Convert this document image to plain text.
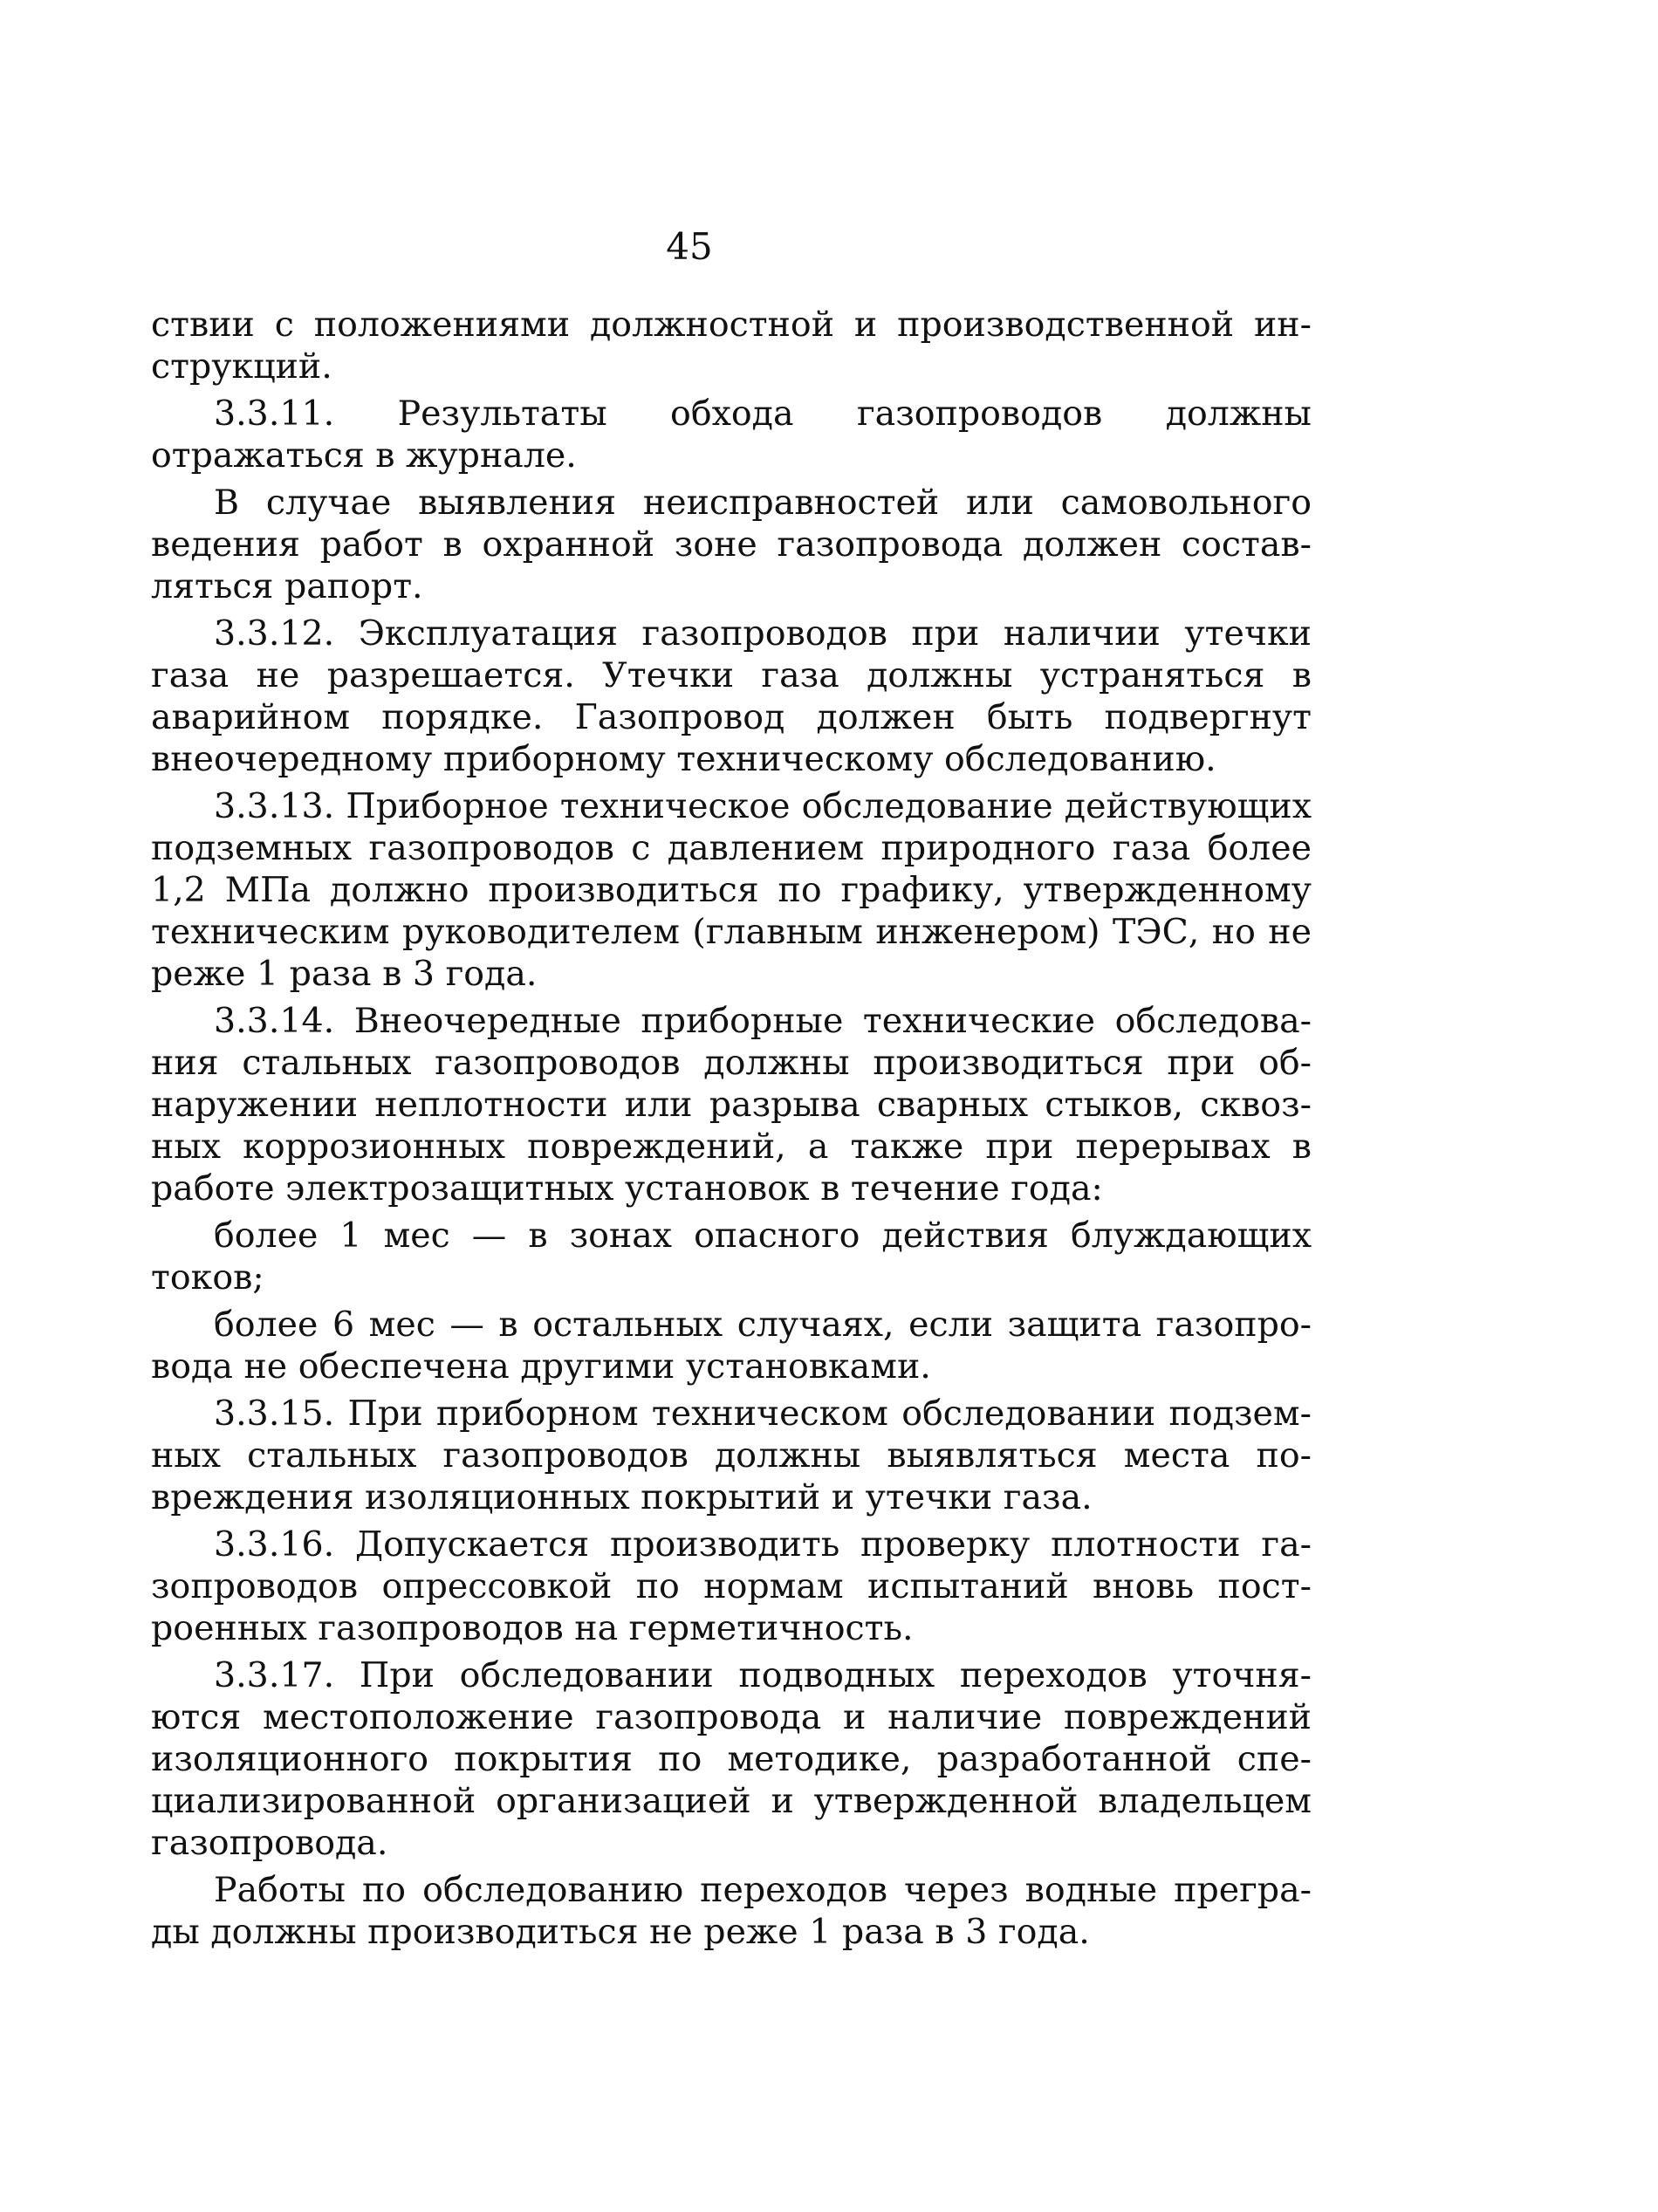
45

ствии с положениями должностной и производственной инструкций.

3.3.11. Результаты обхода газопроводов должны отражаться в журнале.

В случае выявления неисправностей или самовольного ведения работ в охранной зоне газопровода должен составляться рапорт.

3.3.12. Эксплуатация газопроводов при наличии утечки газа не разрешается. Утечки газа должны устраняться в аварийном порядке. Газопровод должен быть подвергнут внеочередному приборному техническому обследованию.

3.3.13. Приборное техническое обследование действующих подземных газопроводов с давлением природного газа более 1,2 МПа должно производиться по графику, утвержденному техническим руководителем (главным инженером) ТЭС, но не реже 1 раза в 3 года.

3.3.14. Внеочередные приборные технические обследования стальных газопроводов должны производиться при обнаружении неплотности или разрыва сварных стыков, сквозных коррозионных повреждений, а также при перерывах в работе электрозащитных установок в течение года:

более 1 мес — в зонах опасного действия блуждающих токов;

более 6 мес — в остальных случаях, если защита газопровода не обеспечена другими установками.

3.3.15. При приборном техническом обследовании подземных стальных газопроводов должны выявляться места повреждения изоляционных покрытий и утечки газа.

3.3.16. Допускается производить проверку плотности газопроводов опрессовкой по нормам испытаний вновь построенных газопроводов на герметичность.

3.3.17. При обследовании подводных переходов уточняются местоположение газопровода и наличие повреждений изоляционного покрытия по методике, разработанной специализированной организацией и утвержденной владельцем газопровода.

Работы по обследованию переходов через водные преграды должны производиться не реже 1 раза в 3 года.
